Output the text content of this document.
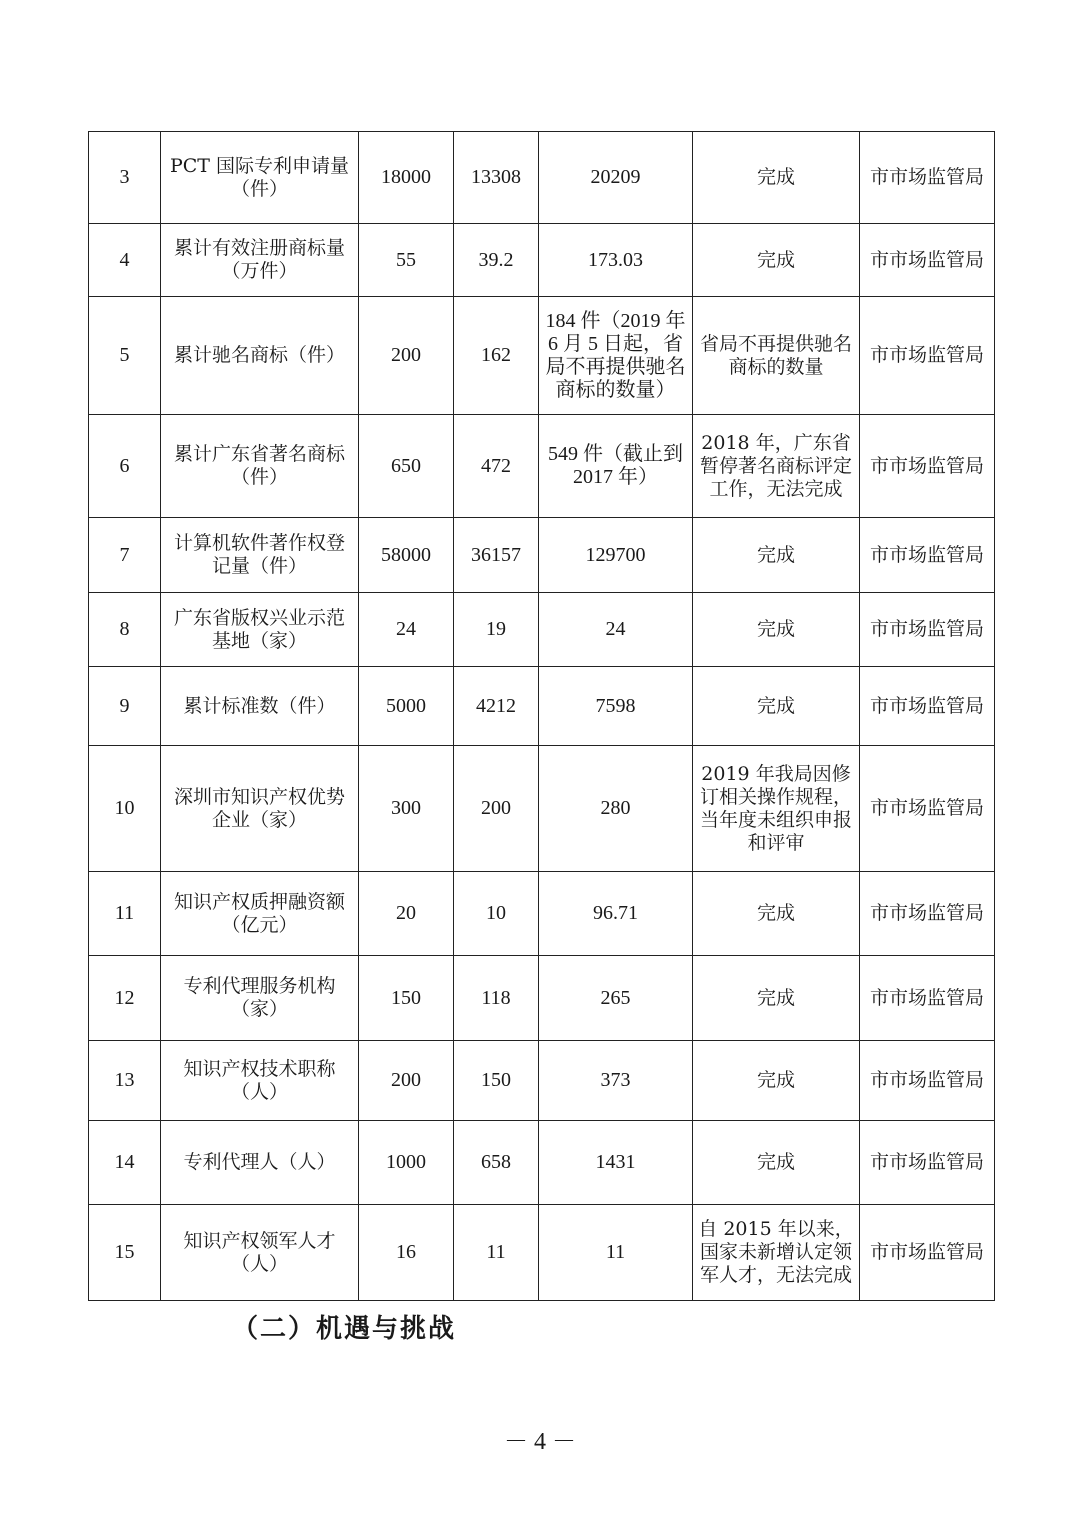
3	PCT 国际专利申请量（件）	18000	13308	20209	完成	市市场监管局
4	累计有效注册商标量（万件）	55	39.2	173.03	完成	市市场监管局
5	累计驰名商标（件）	200	162	184 件（2019 年 6 月 5 日起，省局不再提供驰名商标的数量）	省局不再提供驰名商标的数量	市市场监管局
6	累计广东省著名商标（件）	650	472	549 件（截止到 2017 年）	2018 年，广东省暂停著名商标评定工作，无法完成	市市场监管局
7	计算机软件著作权登记量（件）	58000	36157	129700	完成	市市场监管局
8	广东省版权兴业示范基地（家）	24	19	24	完成	市市场监管局
9	累计标准数（件）	5000	4212	7598	完成	市市场监管局
10	深圳市知识产权优势企业（家）	300	200	280	2019 年我局因修订相关操作规程，当年度未组织申报和评审	市市场监管局
11	知识产权质押融资额（亿元）	20	10	96.71	完成	市市场监管局
12	专利代理服务机构（家）	150	118	265	完成	市市场监管局
13	知识产权技术职称（人）	200	150	373	完成	市市场监管局
14	专利代理人（人）	1000	658	1431	完成	市市场监管局
15	知识产权领军人才（人）	16	11	11	自 2015 年以来，国家未新增认定领军人才，无法完成	市市场监管局
（二）机遇与挑战
－ 4 －
